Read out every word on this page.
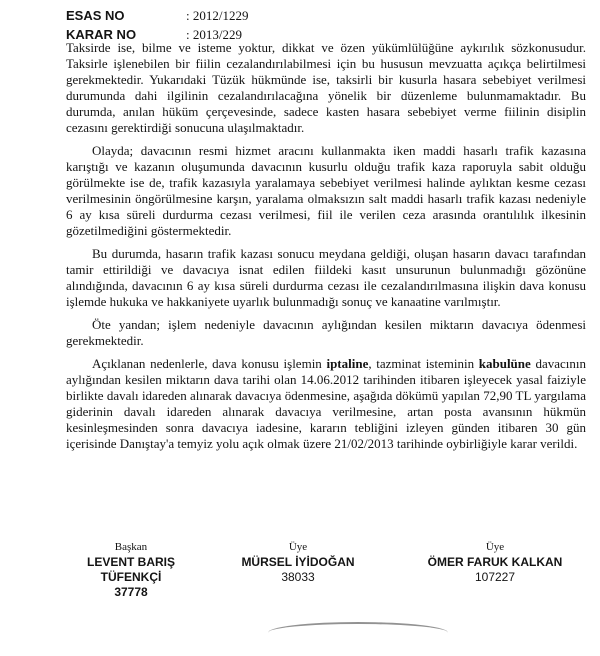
ESAS NO	: 2012/1229
KARAR NO	: 2013/229

Taksirde ise, bilme ve isteme yoktur, dikkat ve özen yükümlülüğüne aykırılık sözkonusudur. Taksirle işlenebilen bir fiilin cezalandırılabilmesi için bu hususun mevzuatta açıkça belirtilmesi gerekmektedir. Yukarıdaki Tüzük hükmünde ise, taksirli bir kusurla hasara sebebiyet verilmesi durumunda dahi ilgilinin cezalandırılacağına yönelik bir düzenleme bulunmamaktadır. Bu durumda, anılan hüküm çerçevesinde, sadece kasten hasara sebebiyet verme fiilinin disiplin cezasını gerektirdiği sonucuna ulaşılmaktadır.

Olayda; davacının resmi hizmet aracını kullanmakta iken maddi hasarlı trafik kazasına karıştığı ve kazanın oluşumunda davacının kusurlu olduğu trafik kaza raporuyla sabit olduğu görülmekte ise de, trafik kazasıyla yaralamaya sebebiyet verilmesi halinde aylıktan kesme cezası verilmesinin öngörülmesine karşın, yaralama olmaksızın salt maddi hasarlı trafik kazası nedeniyle 6 ay kısa süreli durdurma cezası verilmesi, fiil ile verilen ceza arasında orantılılık ilkesinin gözetilmediğini göstermektedir.

Bu durumda, hasarın trafik kazası sonucu meydana geldiği, oluşan hasarın davacı tarafından tamir ettirildiği ve davacıya isnat edilen fiildeki kasıt unsurunun bulunmadığı gözönüne alındığında, davacının 6 ay kısa süreli durdurma cezası ile cezalandırılmasına ilişkin dava konusu işlemde hukuka ve hakkaniyete uyarlık bulunmadığı sonuç ve kanaatine varılmıştır.

Öte yandan; işlem nedeniyle davacının aylığından kesilen miktarın davacıya ödenmesi gerekmektedir.

Açıklanan nedenlerle, dava konusu işlemin iptaline, tazminat isteminin kabulüne davacının aylığından kesilen miktarın dava tarihi olan 14.06.2012 tarihinden itibaren işleyecek yasal faiziyle birlikte davalı idareden alınarak davacıya ödenmesine, aşağıda dökümü yapılan 72,90 TL yargılama giderinin davalı idareden alınarak davacıya verilmesine, artan posta avansının hükmün kesinleşmesinden sonra davacıya iadesine, kararın tebliğini izleyen günden itibaren 30 gün içerisinde Danıştay'a temyiz yolu açık olmak üzere 21/02/2013 tarihinde oybirliğiyle karar verildi.

Başkan
LEVENT BARIŞ
TÜFENKÇİ
37778
Üye
MÜRSEL İYİDOĞAN
38033
Üye
ÖMER FARUK KALKAN
107227
